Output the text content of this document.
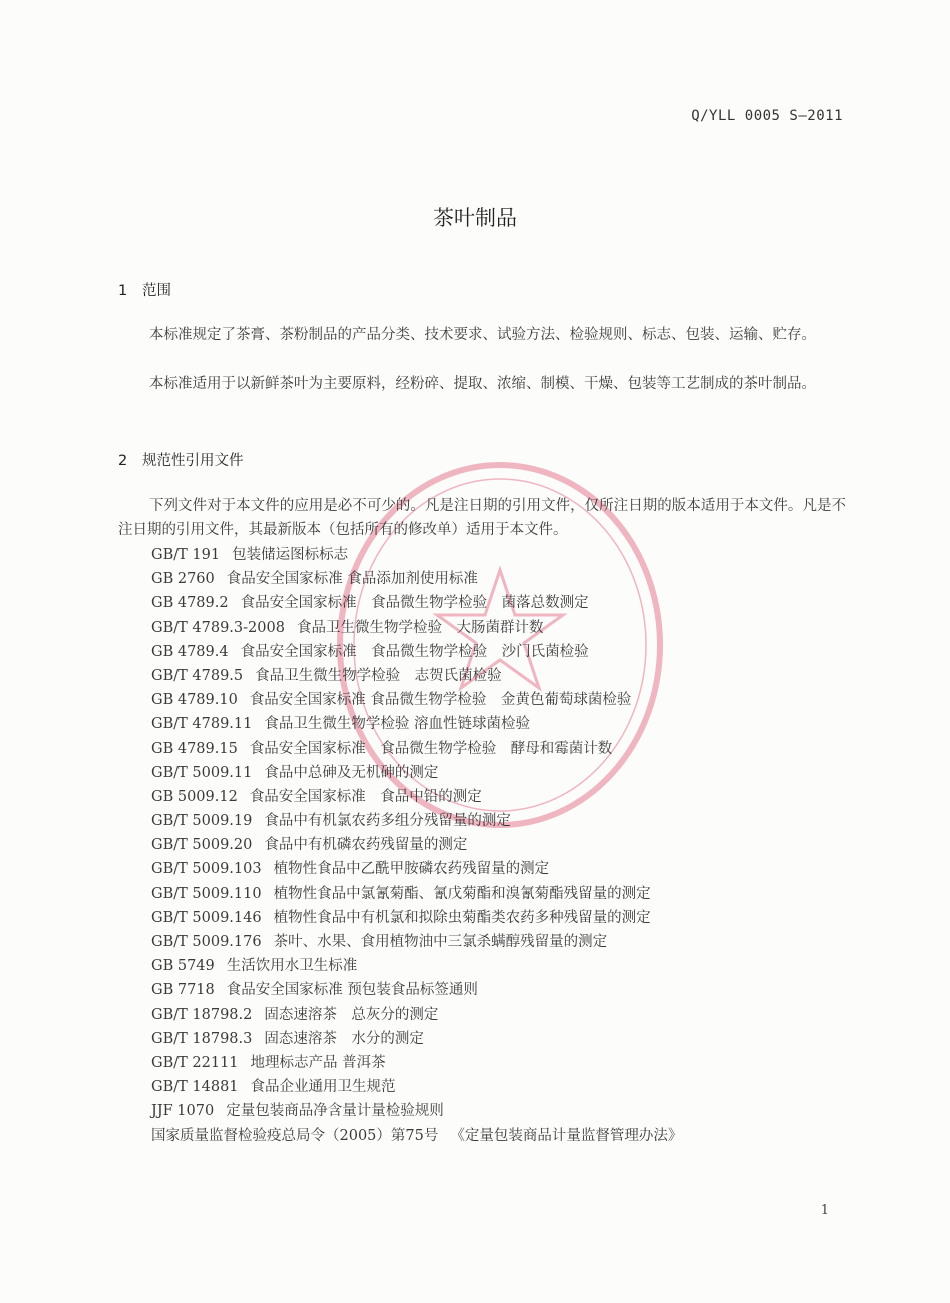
Q/YLL 0005 S—2011
茶叶制品
1 范围

本标准规定了茶膏、茶粉制品的产品分类、技术要求、试验方法、检验规则、标志、包装、运输、贮存。

本标准适用于以新鲜茶叶为主要原料，经粉碎、提取、浓缩、制模、干燥、包装等工艺制成的茶叶制品。

2 规范性引用文件

下列文件对于本文件的应用是必不可少的。凡是注日期的引用文件，仅所注日期的版本适用于本文件。凡是不注日期的引用文件，其最新版本（包括所有的修改单）适用于本文件。

GB/T 191 包装储运图标标志
GB 2760 食品安全国家标准 食品添加剂使用标准
GB 4789.2 食品安全国家标准　食品微生物学检验　菌落总数测定
GB/T 4789.3-2008 食品卫生微生物学检验　大肠菌群计数
GB 4789.4 食品安全国家标准　食品微生物学检验　沙门氏菌检验
GB/T 4789.5 食品卫生微生物学检验　志贺氏菌检验
GB 4789.10 食品安全国家标准 食品微生物学检验　金黄色葡萄球菌检验
GB/T 4789.11 食品卫生微生物学检验 溶血性链球菌检验
GB 4789.15 食品安全国家标准　食品微生物学检验　酵母和霉菌计数
GB/T 5009.11 食品中总砷及无机砷的测定
GB 5009.12 食品安全国家标准　食品中铅的测定
GB/T 5009.19 食品中有机氯农药多组分残留量的测定
GB/T 5009.20 食品中有机磷农药残留量的测定
GB/T 5009.103 植物性食品中乙酰甲胺磷农药残留量的测定
GB/T 5009.110 植物性食品中氯氰菊酯、氰戊菊酯和溴氰菊酯残留量的测定
GB/T 5009.146 植物性食品中有机氯和拟除虫菊酯类农药多种残留量的测定
GB/T 5009.176 茶叶、水果、食用植物油中三氯杀螨醇残留量的测定
GB 5749 生活饮用水卫生标准
GB 7718 食品安全国家标准 预包装食品标签通则
GB/T 18798.2 固态速溶茶　总灰分的测定
GB/T 18798.3 固态速溶茶　水分的测定
GB/T 22111 地理标志产品 普洱茶
GB/T 14881 食品企业通用卫生规范
JJF 1070 定量包装商品净含量计量检验规则
国家质量监督检验疫总局令（2005）第75号 《定量包装商品计量监督管理办法》
1
